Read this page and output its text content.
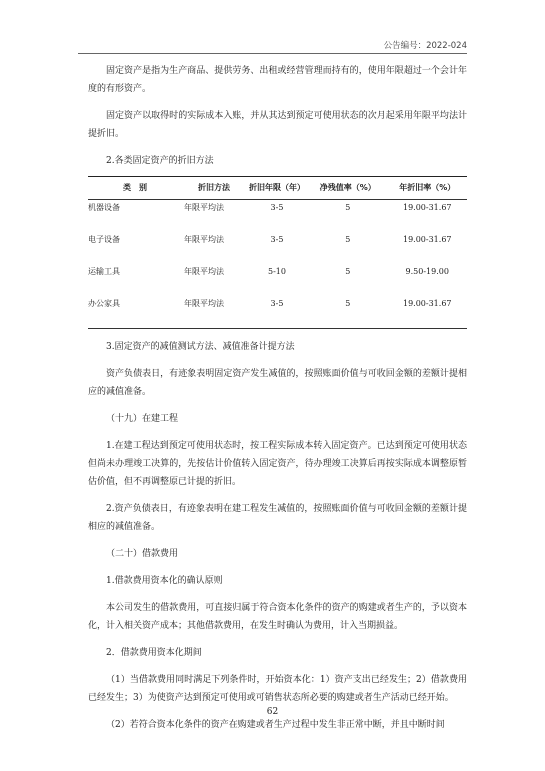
公告编号：2022-024

固定资产是指为生产商品、提供劳务、出租或经营管理而持有的，使用年限超过一个会计年度的有形资产。

固定资产以取得时的实际成本入账，并从其达到预定可使用状态的次月起采用年限平均法计提折旧。

2.各类固定资产的折旧方法

类　别	折旧方法	折旧年限（年）	净残值率（%）	年折旧率（%）
机器设备	年限平均法	3-5	5	19.00-31.67
电子设备	年限平均法	3-5	5	19.00-31.67
运输工具	年限平均法	5-10	5	9.50-19.00
办公家具	年限平均法	3-5	5	19.00-31.67

3.固定资产的减值测试方法、减值准备计提方法

资产负债表日，有迹象表明固定资产发生减值的，按照账面价值与可收回金额的差额计提相应的减值准备。

（十九）在建工程

1.在建工程达到预定可使用状态时，按工程实际成本转入固定资产。已达到预定可使用状态但尚未办理竣工决算的，先按估计价值转入固定资产，待办理竣工决算后再按实际成本调整原暂估价值，但不再调整原已计提的折旧。

2.资产负债表日，有迹象表明在建工程发生减值的，按照账面价值与可收回金额的差额计提相应的减值准备。

（二十）借款费用

1.借款费用资本化的确认原则

本公司发生的借款费用，可直接归属于符合资本化条件的资产的购建或者生产的，予以资本化，计入相关资产成本；其他借款费用，在发生时确认为费用，计入当期损益。

2．借款费用资本化期间

（1）当借款费用同时满足下列条件时，开始资本化：1）资产支出已经发生；2）借款费用已经发生；3）为使资产达到预定可使用或可销售状态所必要的购建或者生产活动已经开始。

（2）若符合资本化条件的资产在购建或者生产过程中发生非正常中断，并且中断时间

62
